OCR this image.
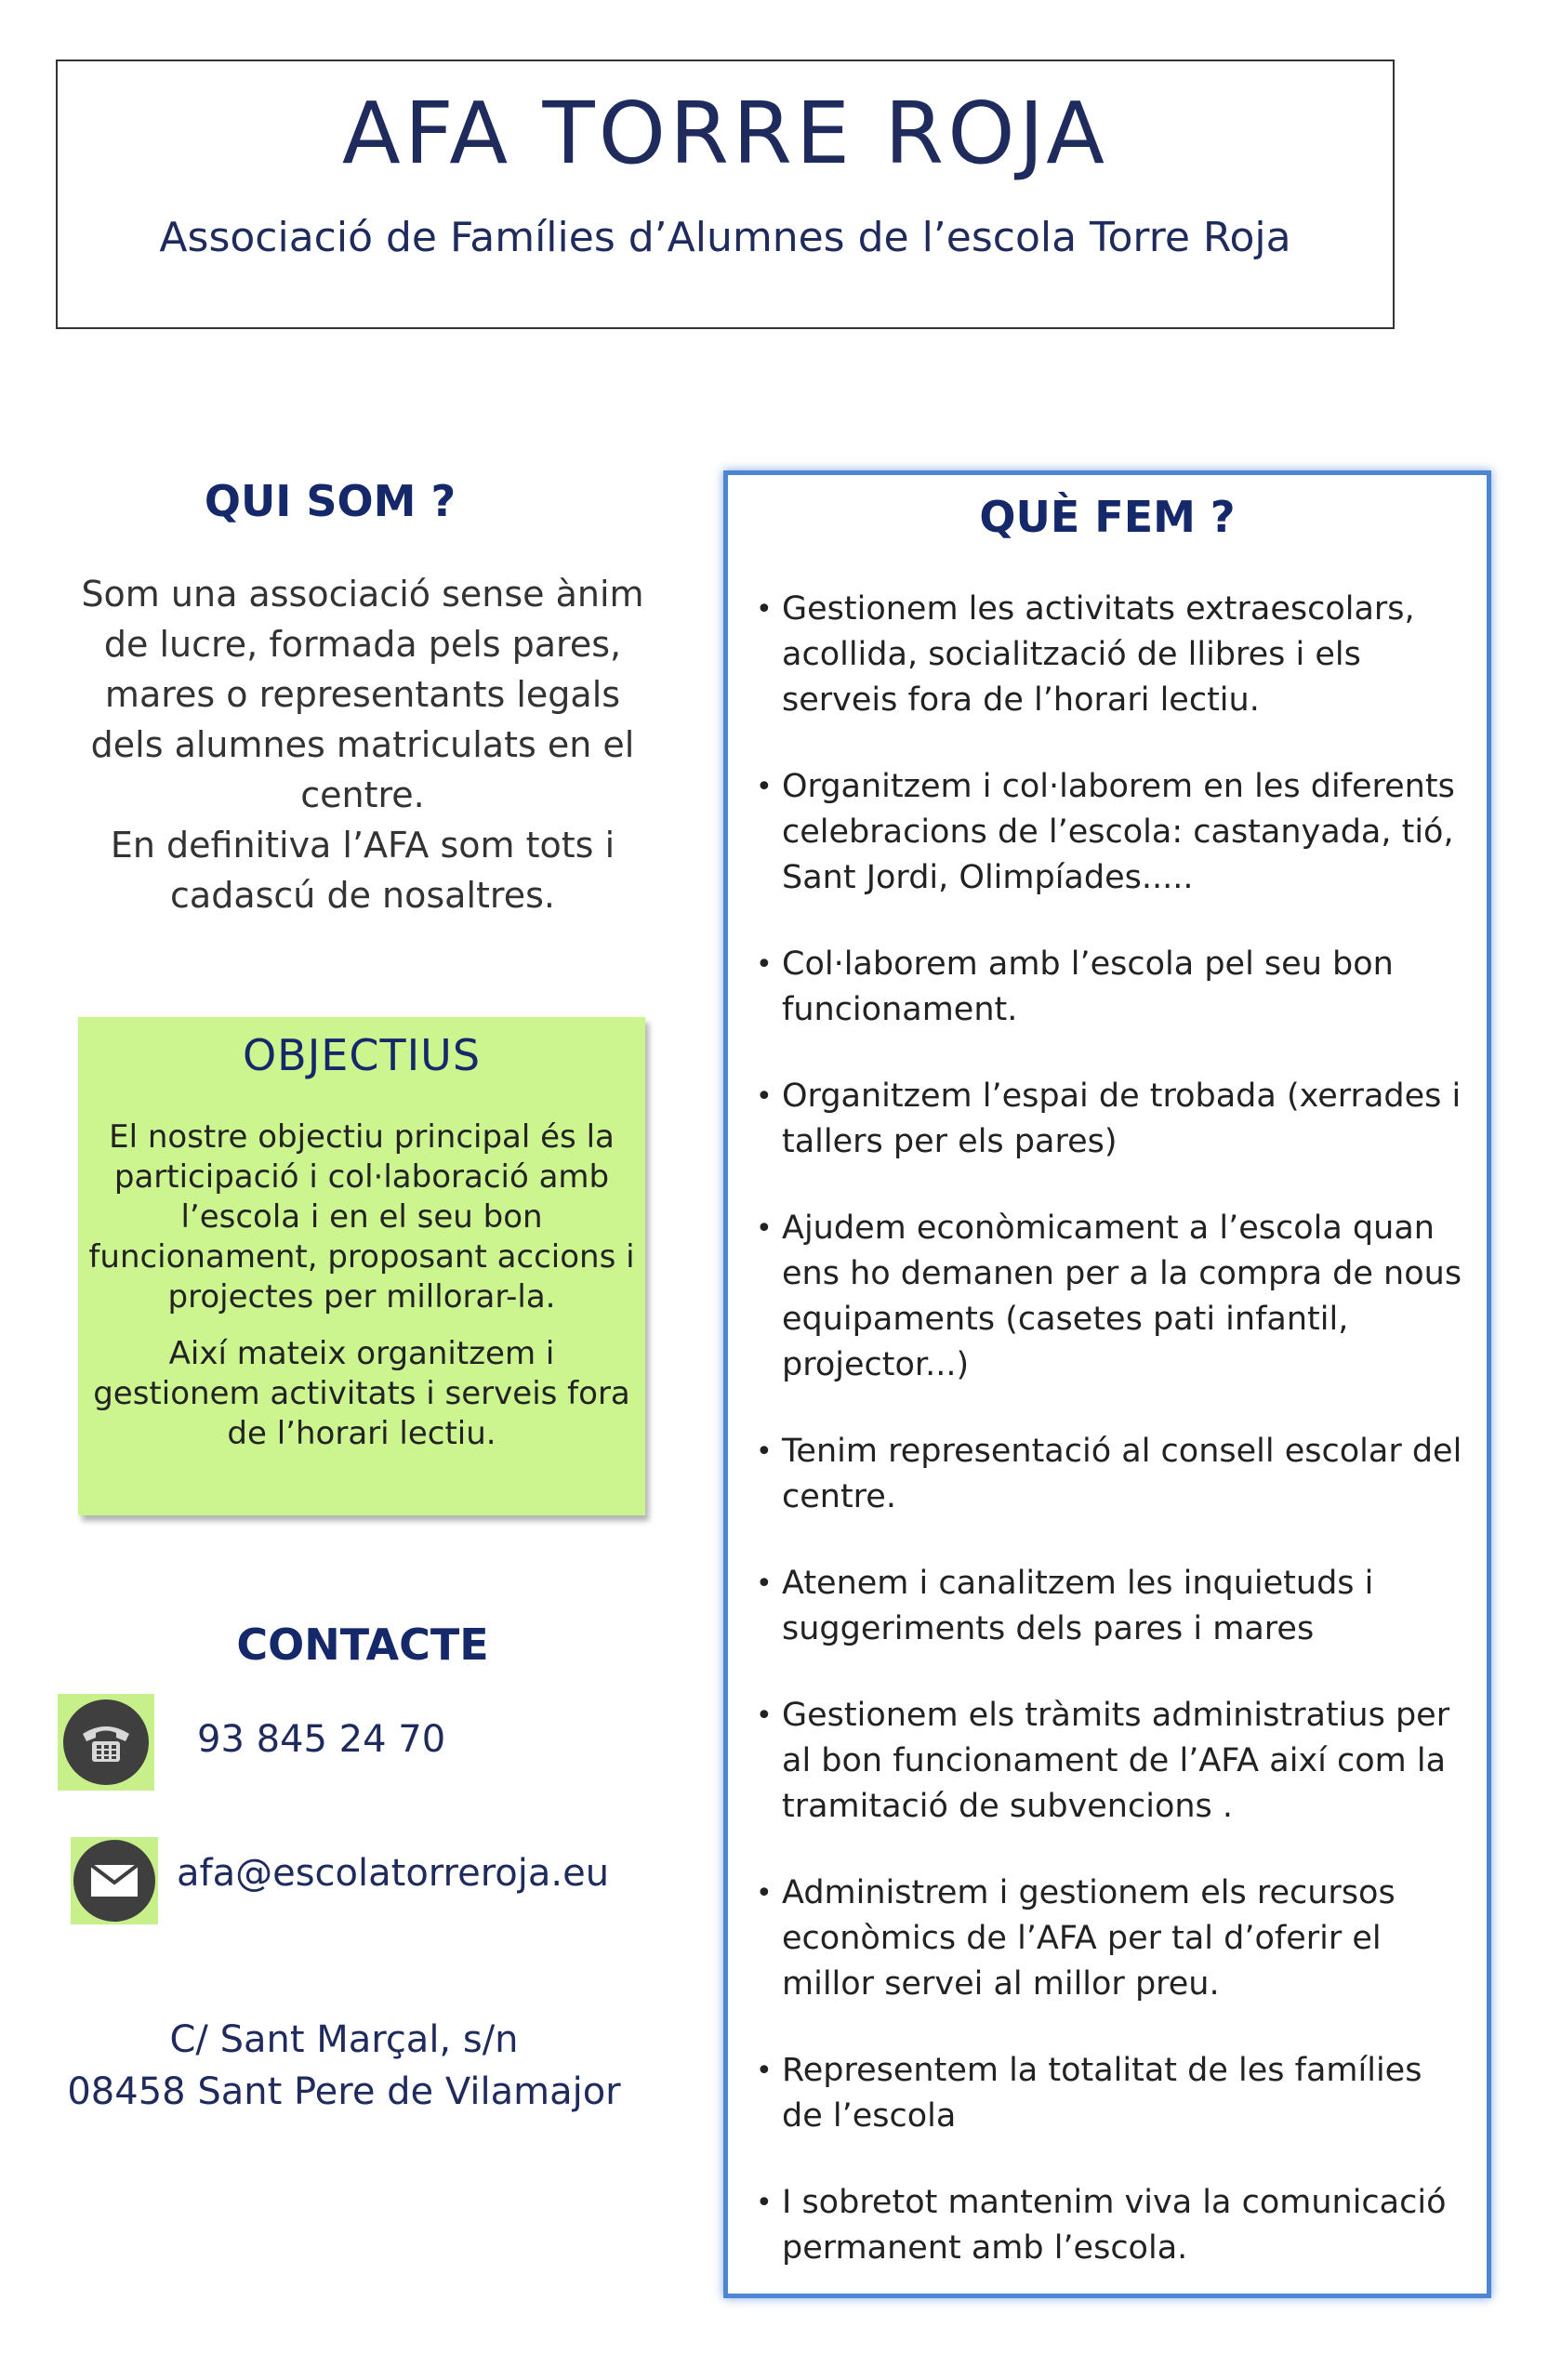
AFA TORRE ROJA
Associació de Famílies d’Alumnes de l’escola Torre Roja
QUI SOM ?

Som una associació sense ànim de lucre, formada pels pares, mares o representants legals dels alumnes matriculats en el centre.

En definitiva l’AFA som tots i cadascú de nosaltres.

OBJECTIUS

El nostre objectiu principal és la participació i col·laboració amb l’escola i en el seu bon funcionament, proposant accions i projectes per millorar-la.

Així mateix organitzem i gestionem activitats i serveis fora de l’horari lectiu.

CONTACTE
93 845 24 70
afa@escolatorreroja.eu

C/ Sant Marçal, s/n

08458 Sant Pere de Vilamajor

QUÈ FEM ?
• Gestionem les activitats extraescolars, acollida, socialització de llibres i els serveis fora de l’horari lectiu.
• Organitzem i col·laborem en les diferents celebracions de l’escola: castanyada, tió, Sant Jordi, Olimpíades.....
• Col·laborem amb l’escola pel seu bon funcionament.
• Organitzem l’espai de trobada (xerrades i tallers per els pares)
• Ajudem econòmicament a l’escola quan ens ho demanen per a la compra de nous equipaments (casetes pati infantil, projector...)
• Tenim representació al consell escolar del centre.
• Atenem i canalitzem les inquietuds i suggeriments dels pares i mares
• Gestionem els tràmits administratius per al bon funcionament de l’AFA així com la tramitació de subvencions .
• Administrem i gestionem els recursos econòmics de l’AFA per tal d’oferir el millor servei al millor preu.
• Representem la totalitat de les famílies de l’escola
• I sobretot mantenim viva la comunicació permanent amb l’escola.
